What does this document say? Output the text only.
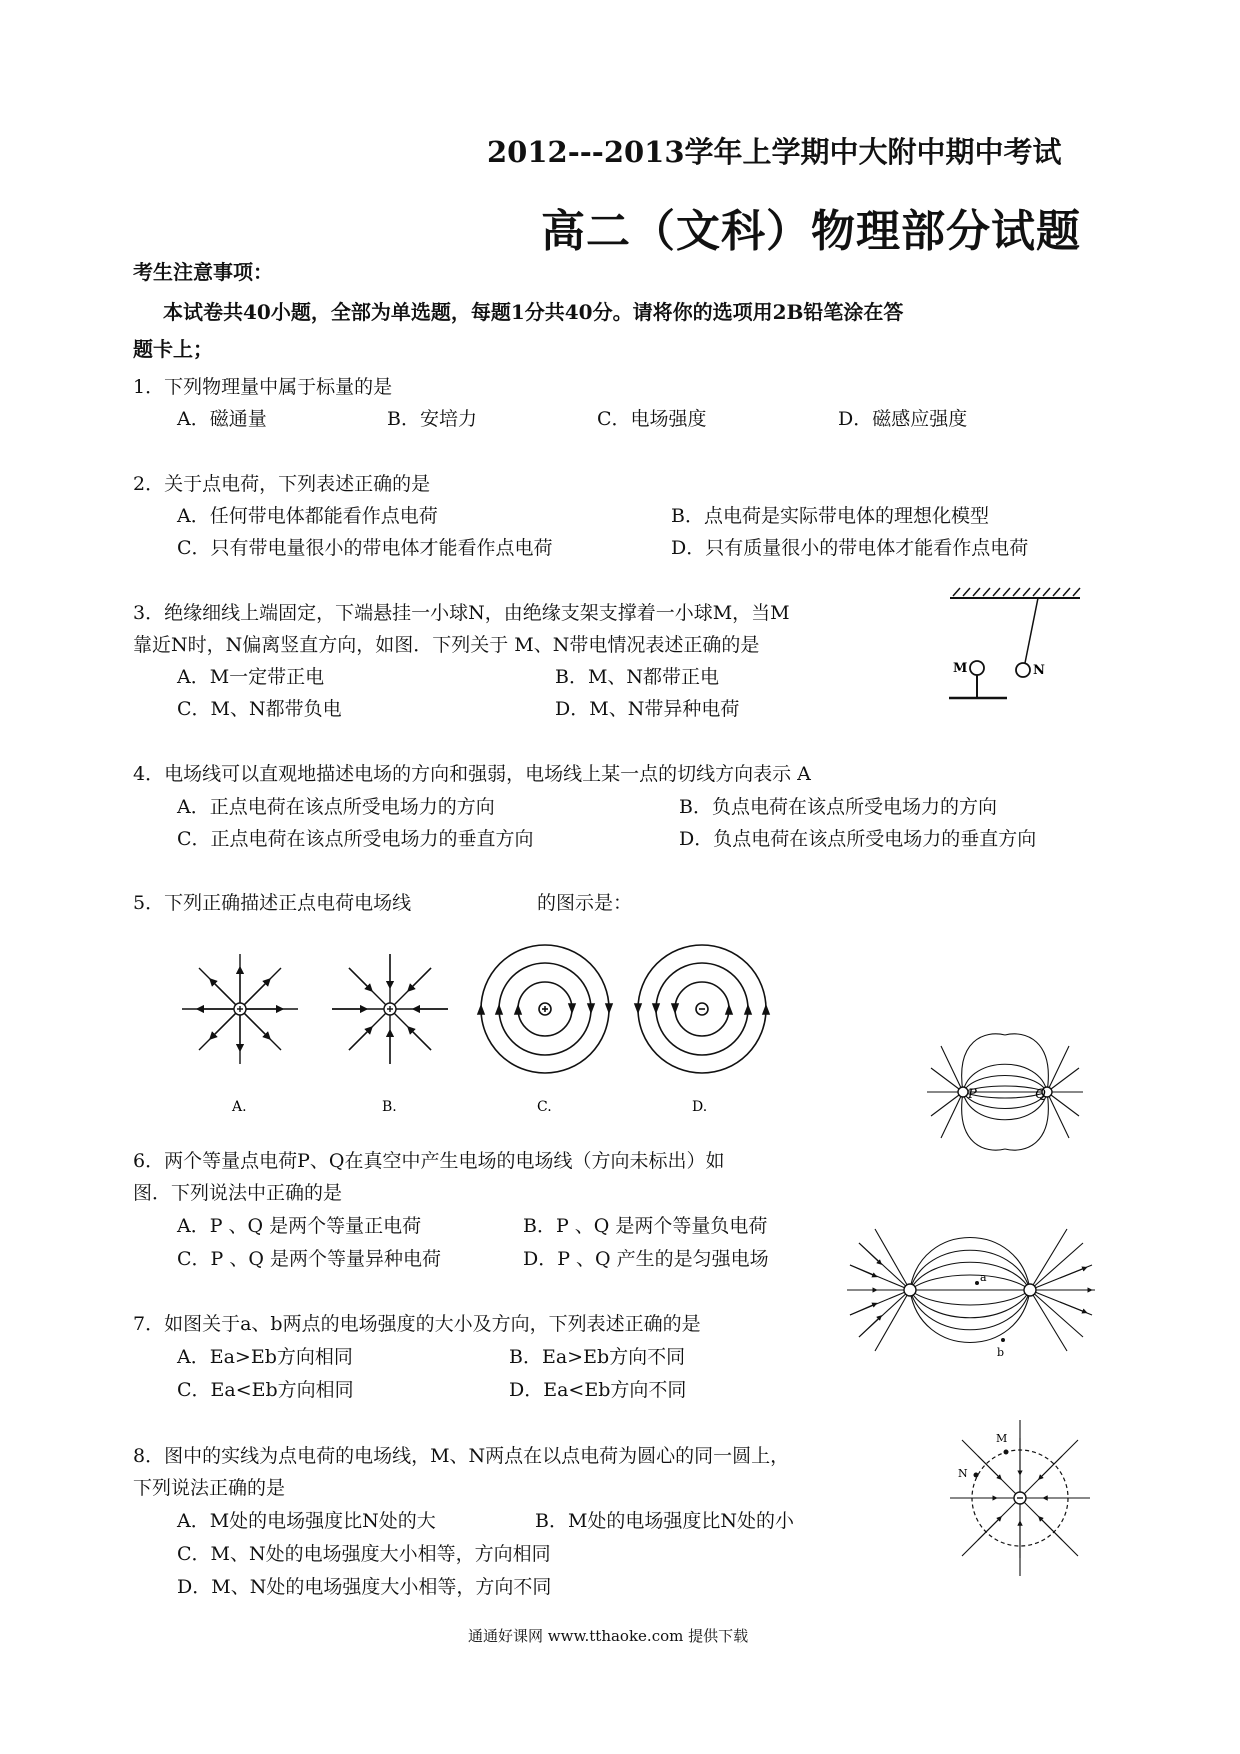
2012---2013学年上学期中大附中期中考试
高二（文科）物理部分试题
考生注意事项：
本试卷共40小题，全部为单选题，每题1分共40分。请将你的选项用2B铅笔涂在答
题卡上；
1．下列物理量中属于标量的是
A．磁通量	B．安培力	C．电场强度	D．磁感应强度
2．关于点电荷，下列表述正确的是
A．任何带电体都能看作点电荷	B．点电荷是实际带电体的理想化模型
C．只有带电量很小的带电体才能看作点电荷	D．只有质量很小的带电体才能看作点电荷
3．绝缘细线上端固定，下端悬挂一小球N，由绝缘支架支撑着一小球M，当M
靠近N时，N偏离竖直方向，如图．下列关于 M、N带电情况表述正确的是
A．M一定带正电	B．M、N都带正电
C．M、N都带负电	D．M、N带异种电荷
N
M
4．电场线可以直观地描述电场的方向和强弱，电场线上某一点的切线方向表示 A
A．正点电荷在该点所受电场力的方向	B．负点电荷在该点所受电场力的方向
C．正点电荷在该点所受电场力的垂直方向	D．负点电荷在该点所受电场力的垂直方向
5．下列正确描述正点电荷电场线	的图示是：
A.	B.	C.	D.
P	Q
6．两个等量点电荷P、Q在真空中产生电场的电场线（方向未标出）如
图．下列说法中正确的是
A．P 、Q 是两个等量正电荷	B．P 、Q 是两个等量负电荷
C．P 、Q 是两个等量异种电荷	D．P 、Q 产生的是匀强电场
a
b
7．如图关于a、b两点的电场强度的大小及方向，下列表述正确的是
A．Ea>Eb方向相同	B．Ea>Eb方向不同
C．Ea<Eb方向相同	D．Ea<Eb方向不同
M
N
8．图中的实线为点电荷的电场线，M、N两点在以点电荷为圆心的同一圆上，
下列说法正确的是
A．M处的电场强度比N处的大	B．M处的电场强度比N处的小
C．M、N处的电场强度大小相等，方向相同
D．M、N处的电场强度大小相等，方向不同
通通好课网 www.tthaoke.com 提供下载
